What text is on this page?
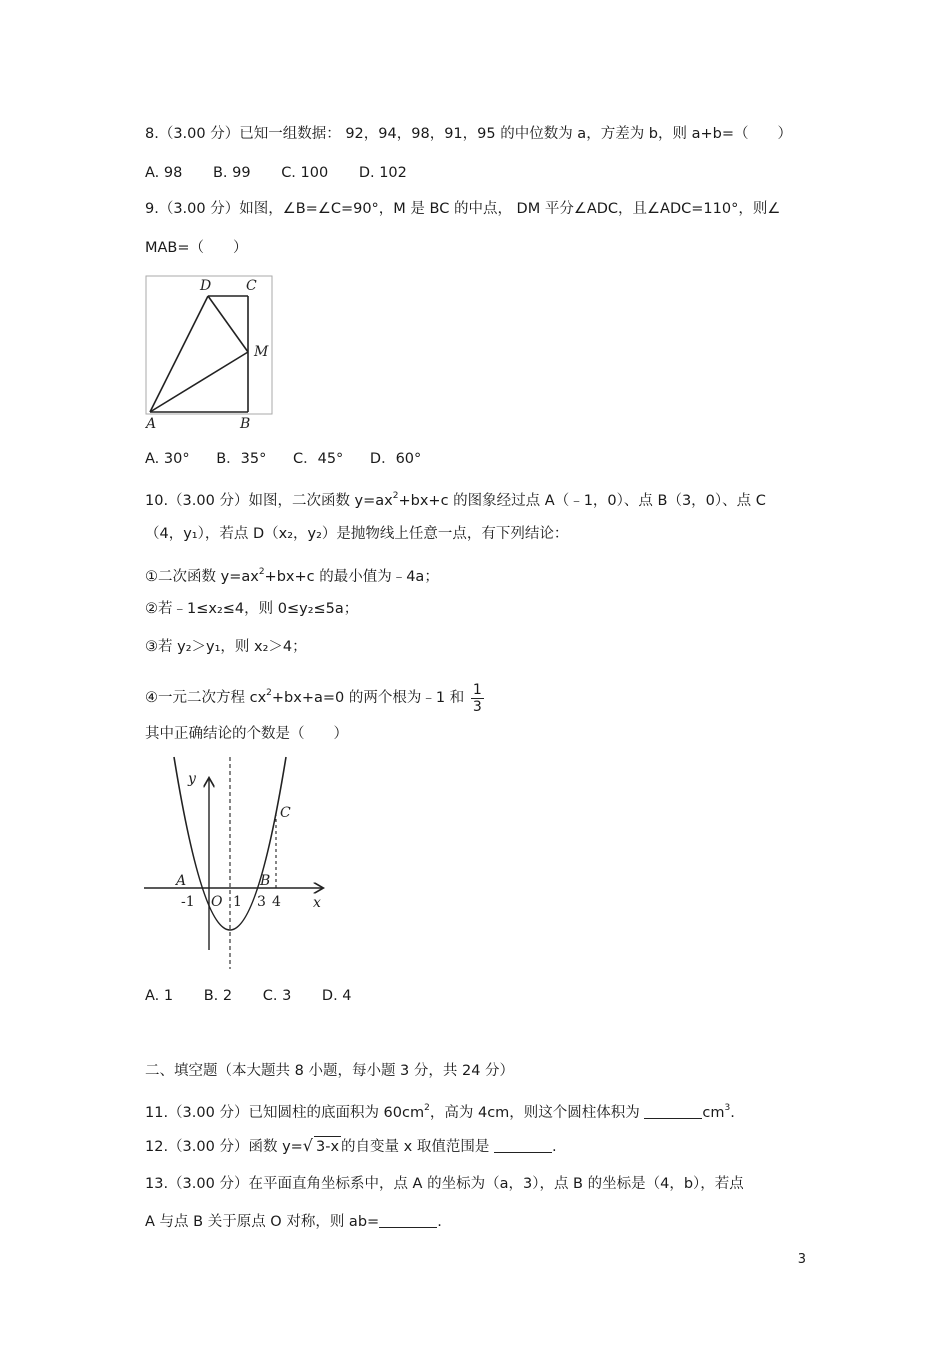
8.（3.00 分）已知一组数据： 92，94，98，91，95 的中位数为 a，方差为 b，则 a+b=（　　）
A. 98 B. 99 C. 100 D. 102
9.（3.00 分）如图，∠B=∠C=90°，M 是 BC 的中点， DM 平分∠ADC，且∠ADC=110°，则∠
MAB=（　　）
D C
M
A	B
A. 30° B．35° C．45° D．60°
10.（3.00 分）如图，二次函数 $y=ax^2+bx+c$ 的图象经过点 A（﹣1，0）、点 B（3，0）、点 C
（4，y₁），若点 D（x₂，y₂）是抛物线上任意一点，有下列结论：
①二次函数 $y=ax^2+bx+c$ 的最小值为﹣4a；
②若﹣1≤x₂≤4，则 0≤y₂≤5a；
③若 y₂＞y₁，则 x₂＞4；
④一元二次方程 $cx^2+bx+a=0$ 的两个根为﹣1 和 $\frac{1}{3}$
其中正确结论的个数是（　　）
y
x
A	B
C
O
-1	1 3 4
A. 1 B. 2 C. 3 D. 4
二、填空题（本大题共 8 小题，每小题 3 分，共 24 分）
11.（3.00 分）已知圆柱的底面积为 $60cm^2$，高为 4cm，则这个圆柱体积为	$cm^3$.
12.（3.00 分）函数 y=√ 3-x 的自变量 x 取值范围是	.
13.（3.00 分）在平面直角坐标系中，点 A 的坐标为（a，3），点 B 的坐标是（4，b），若点
A 与点 B 关于原点 O 对称，则 ab=	.
3
